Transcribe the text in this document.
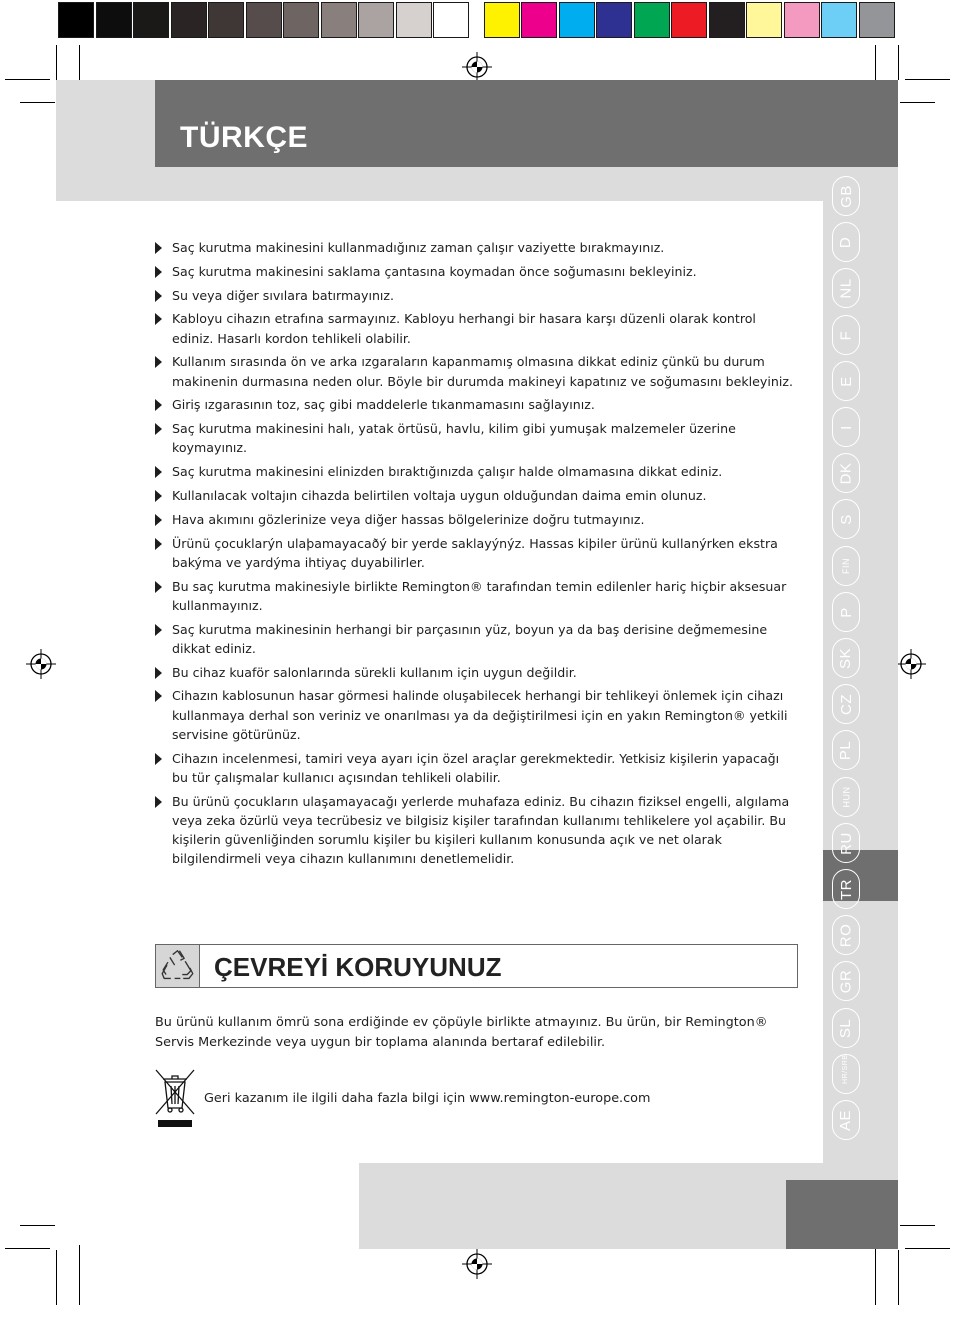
TÜRKÇE
GB
D
NL
F
E
I
DK
S
FIN
P
SK
CZ
PL
HUN
RU
TR
RO
GR
SL
HR/SRB
AE
Saç kurutma makinesini kullanmadığınız zaman çalışır vaziyette bırakmayınız.
Saç kurutma makinesini saklama çantasına koymadan önce soğumasını bekleyiniz.
Su veya diğer sıvılara batırmayınız.
Kabloyu cihazın etrafına sarmayınız. Kabloyu herhangi bir hasara karşı düzenli olarak kontrol ediniz. Hasarlı kordon tehlikeli olabilir.
Kullanım sırasında ön ve arka ızgaraların kapanmamış olmasına dikkat ediniz çünkü bu durum makinenin durmasına neden olur. Böyle bir durumda makineyi kapatınız ve soğumasını bekleyiniz.
Giriş ızgarasının toz, saç gibi maddelerle tıkanmamasını sağlayınız.
Saç kurutma makinesini halı, yatak örtüsü, havlu, kilim gibi yumuşak malzemeler üzerine koymayınız.
Saç kurutma makinesini elinizden bıraktığınızda çalışır halde olmamasına dikkat ediniz.
Kullanılacak voltajın cihazda belirtilen voltaja uygun olduğundan daima emin olunuz.
Hava akımını gözlerinize veya diğer hassas bölgelerinize doğru tutmayınız.
Ürünü çocuklarýn ulaþamayacaðý bir yerde saklayýnýz. Hassas kiþiler ürünü kullanýrken ekstra bakýma ve yardýma ihtiyaç duyabilirler.
Bu saç kurutma makinesiyle birlikte Remington® tarafından temin edilenler hariç hiçbir aksesuar kullanmayınız.
Saç kurutma makinesinin herhangi bir parçasının yüz, boyun ya da baş derisine değmemesine dikkat ediniz.
Bu cihaz kuaför salonlarında sürekli kullanım için uygun değildir.
Cihazın kablosunun hasar görmesi halinde oluşabilecek herhangi bir tehlikeyi önlemek için cihazı kullanmaya derhal son veriniz ve onarılması ya da değiştirilmesi için en yakın Remington® yetkili servisine götürünüz.
Cihazın incelenmesi, tamiri veya ayarı için özel araçlar gerekmektedir. Yetkisiz kişilerin yapacağı bu tür çalışmalar kullanıcı açısından tehlikeli olabilir.
Bu ürünü çocukların ulaşamayacağı yerlerde muhafaza ediniz. Bu cihazın fiziksel engelli, algılama veya zeka özürlü veya tecrübesiz ve bilgisiz kişiler tarafından kullanımı tehlikelere yol açabilir. Bu kişilerin güvenliğinden sorumlu kişiler bu kişileri kullanım konusunda açık ve net olarak bilgilendirmeli veya cihazın kullanımını denetlemelidir.
ÇEVREYİ KORUYUNUZ
Bu ürünü kullanım ömrü sona erdiğinde ev çöpüyle birlikte atmayınız. Bu ürün, bir Remington® Servis Merkezinde veya uygun bir toplama alanında bertaraf edilebilir.
Geri kazanım ile ilgili daha fazla bilgi için www.remington-europe.com
